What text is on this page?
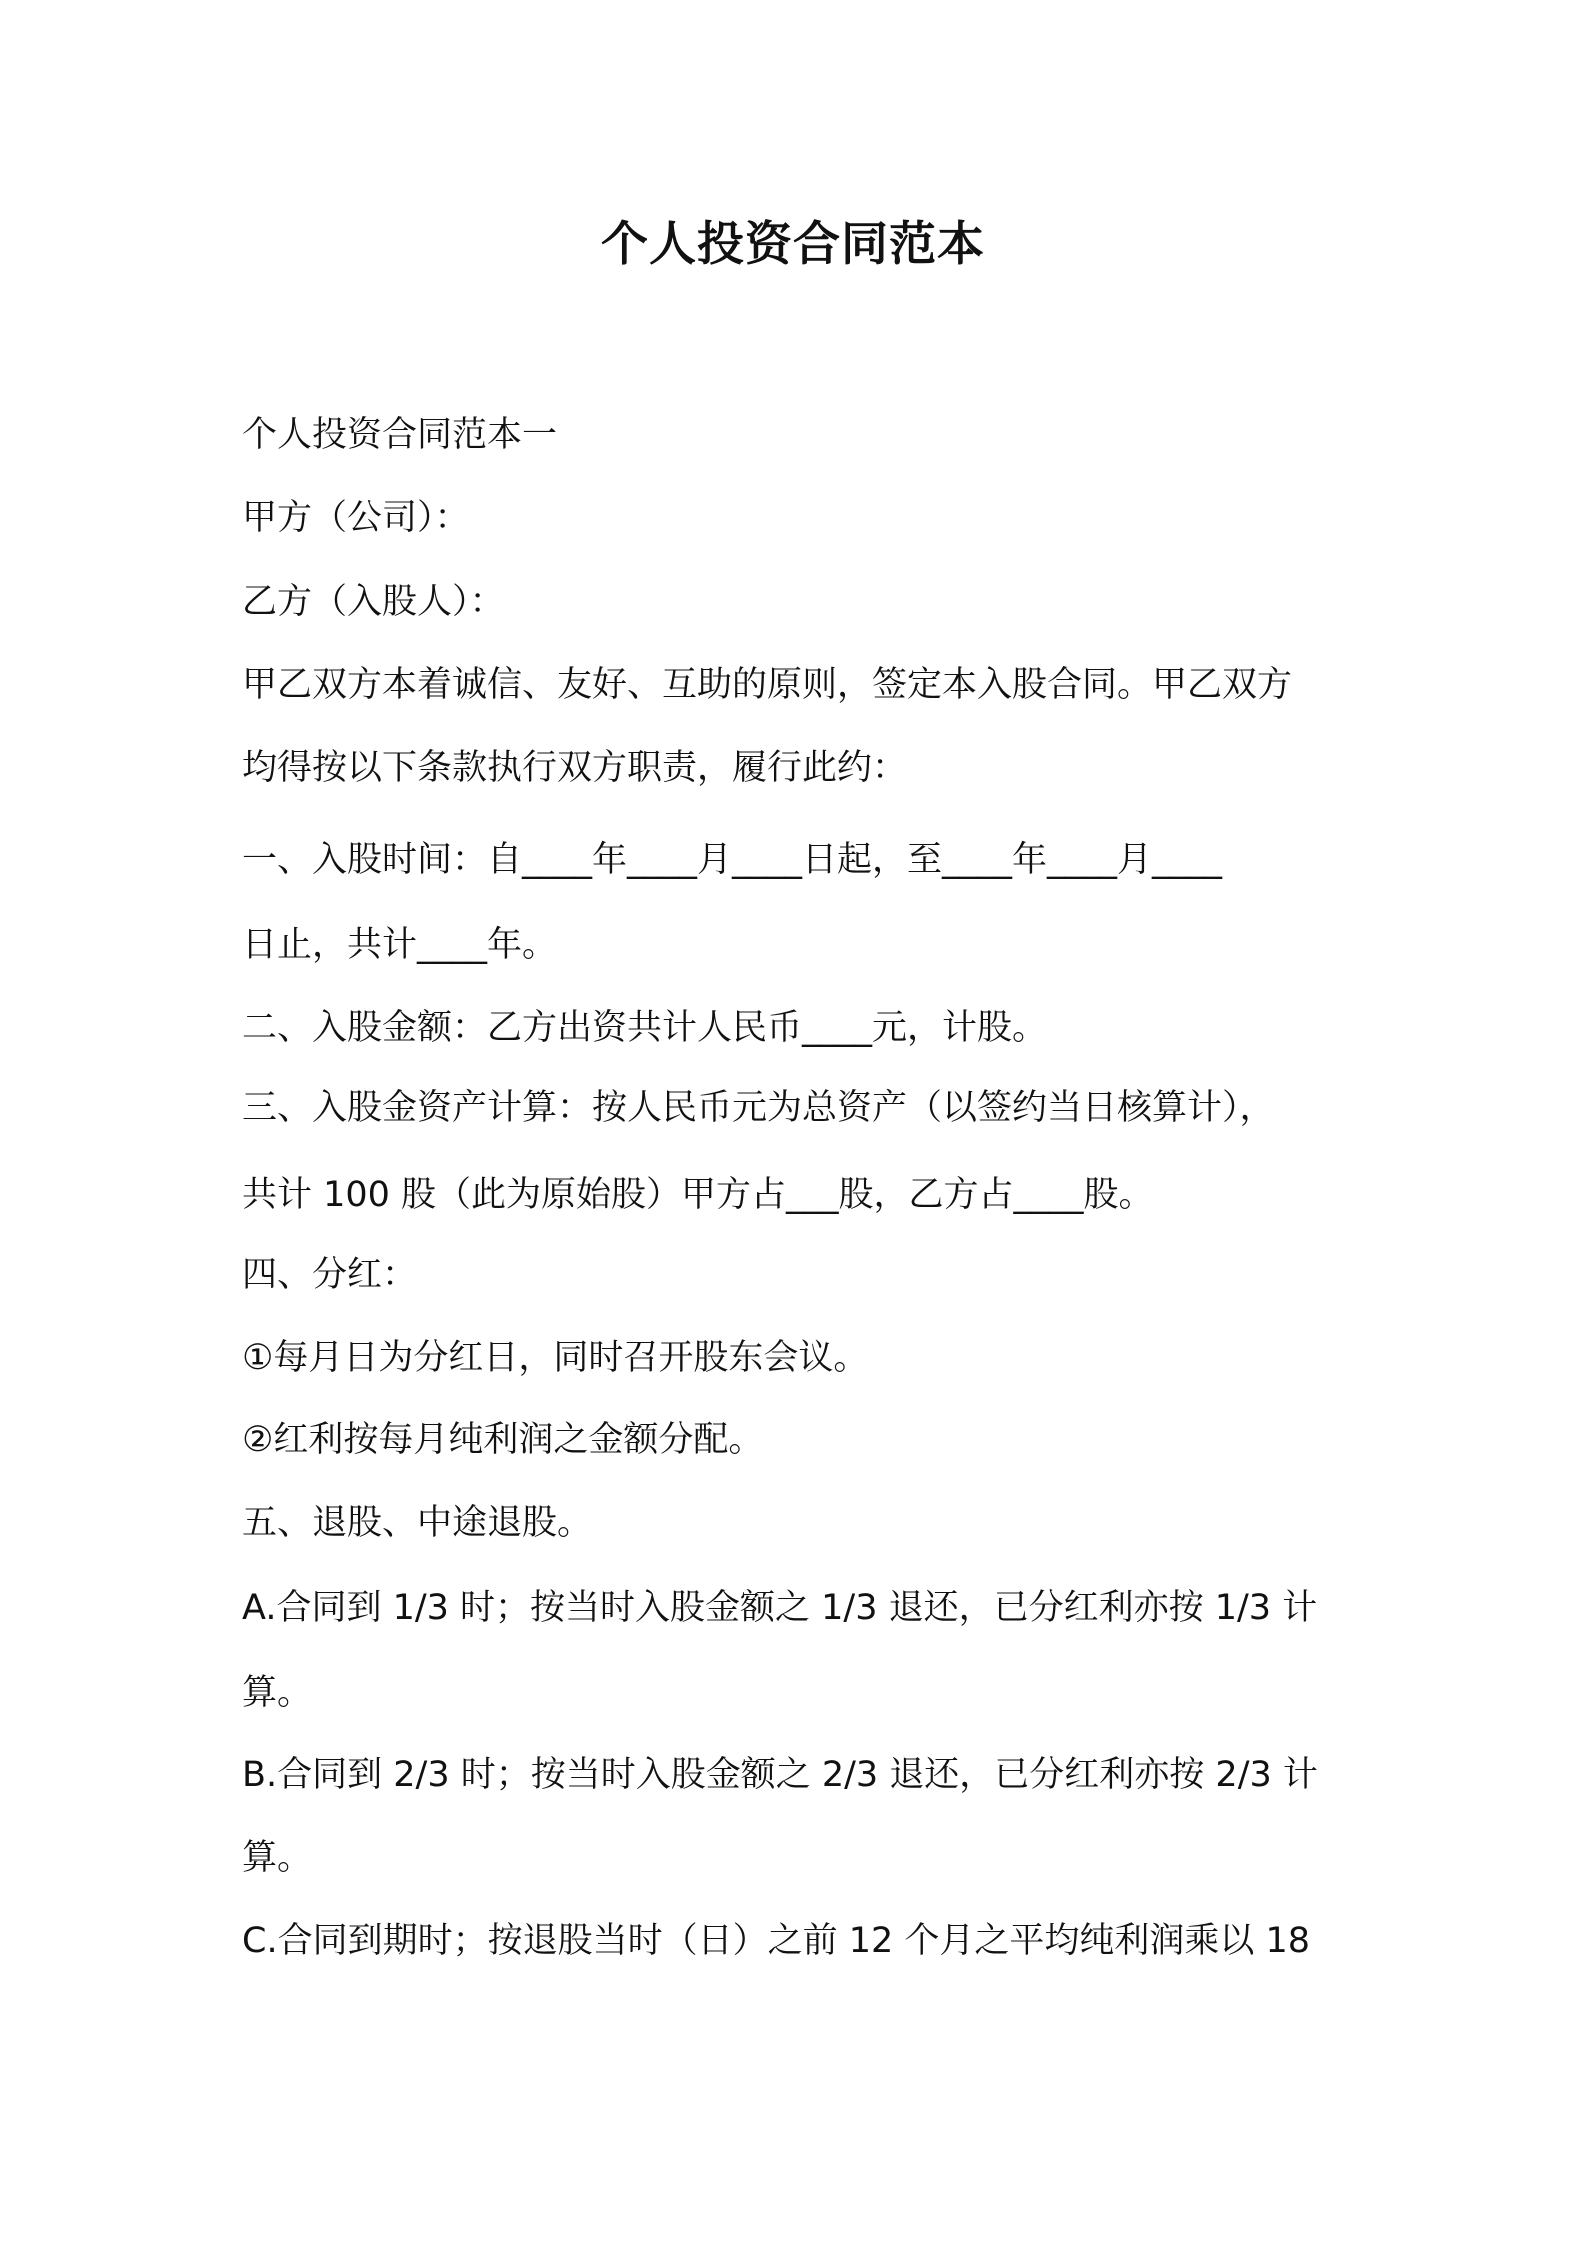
个人投资合同范本
个人投资合同范本一
甲方（公司）：
乙方（入股人）：
甲乙双方本着诚信、友好、互助的原则，签定本入股合同。甲乙双方
均得按以下条款执行双方职责，履行此约：
一、入股时间：自____年____月____日起，至____年____月____
日止，共计____年。
二、入股金额：乙方出资共计人民币____元，计股。
三、入股金资产计算：按人民币元为总资产（以签约当日核算计），
共计 100 股（此为原始股）甲方占___股，乙方占____股。
四、分红：
①每月日为分红日，同时召开股东会议。
②红利按每月纯利润之金额分配。
五、退股、中途退股。
A.合同到 1/3 时；按当时入股金额之 1/3 退还，已分红利亦按 1/3 计
算。
B.合同到 2/3 时；按当时入股金额之 2/3 退还，已分红利亦按 2/3 计
算。
C.合同到期时；按退股当时（日）之前 12 个月之平均纯利润乘以 18
